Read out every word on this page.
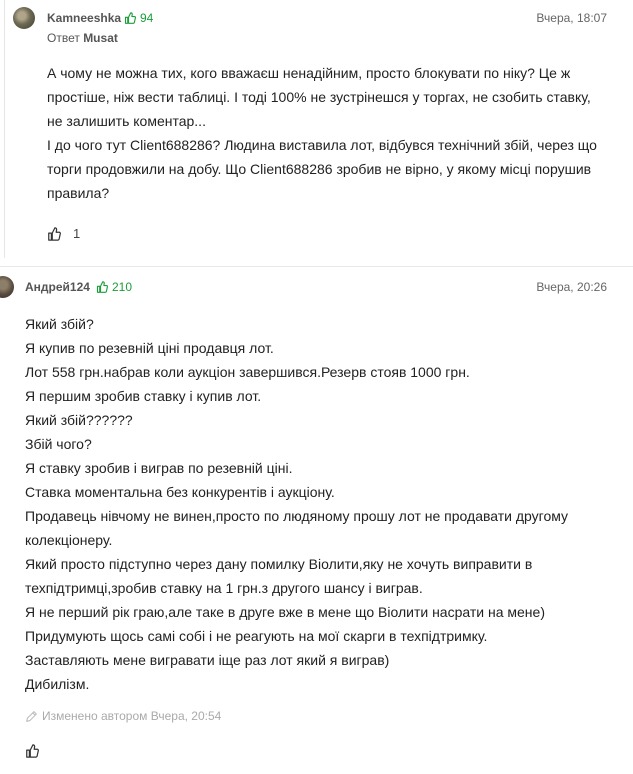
Kamneeshka 94	Вчера, 18:07
Ответ Musat

А чому не можна тих, кого вважаєш ненадійним, просто блокувати по ніку? Це ж

простіше, ніж вести таблиці. І тоді 100% не зустрінешся у торгах, не сзобить ставку,

не залишить коментар...

І до чого тут Client688286? Людина виставила лот, відбувся технічний збій, через що

торги продовжили на добу. Що Client688286 зробив не вірно, у якому місці порушив

правила?

1
Андрей124 210	Вчера, 20:26

Який збій?

Я купив по резевній ціні продавця лот.

Лот 558 грн.набрав коли аукціон завершився.Резерв стояв 1000 грн.

Я першим зробив ставку і купив лот.

Який збій??????

Збій чого?

Я ставку зробив і виграв по резевній ціні.

Ставка моментальна без конкурентів і аукціону.

Продавець нівчому не винен,просто по людяному прошу лот не продавати другому

колекціонеру.

Який просто підступно через дану помилку Віолити,яку не хочуть виправити в

техпідтримці,зробив ставку на 1 грн.з другого шансу і виграв.

Я не перший рік граю,але таке в друге вже в мене що Віолити насрати на мене)

Придумують щось самі собі і не реагують на мої скарги в техпідтримку.

Заставляють мене вигравати іще раз лот який я виграв)

Дибилізм.

Изменено автором Вчера, 20:54
